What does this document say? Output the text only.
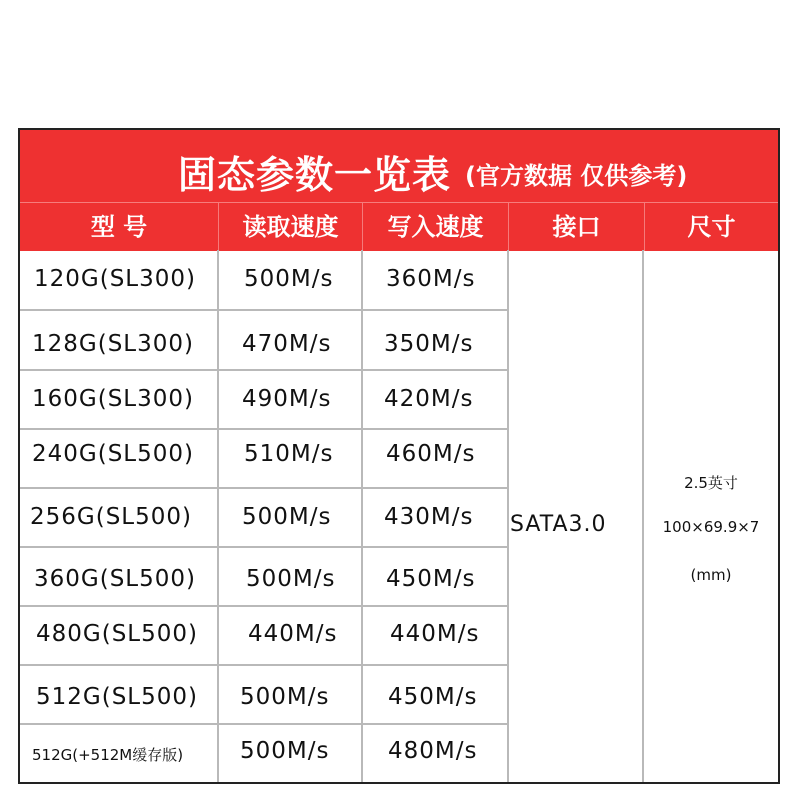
固态参数一览表 (官方数据 仅供参考)
型 号	读取速度	写入速度	接口	尺寸
120G(SL300) 500M/s 360M/s
128G(SL300) 470M/s 350M/s
160G(SL300) 490M/s 420M/s
240G(SL500) 510M/s 460M/s
256G(SL500) 500M/s 430M/s
360G(SL500) 500M/s 450M/s
480G(SL500) 440M/s 440M/s
512G(SL500) 500M/s	450M/s
512G(+512M缓存版) 500M/s	480M/s
SATA3.0
2.5英寸
100×69.9×7
(mm)
